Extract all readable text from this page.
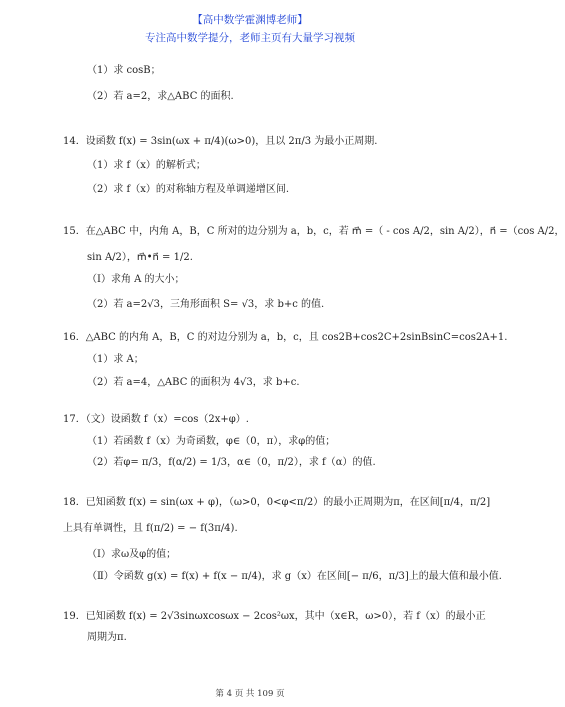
【高中数学霍渊博老师】
专注高中数学提分，老师主页有大量学习视频
（1）求 cosB；
（2）若 a=2，求△ABC 的面积.
14．设函数 f(x) = 3sin(ωx + π/4)(ω>0)，且以 2π/3 为最小正周期.
（1）求 f（x）的解析式；
（2）求 f（x）的对称轴方程及单调递增区间.
15．在△ABC 中，内角 A，B，C 所对的边分别为 a，b，c，若 m⃗ =（ - cos A/2，sin A/2），n⃗ =（cos A/2，
sin A/2），m⃗•n⃗ = 1/2.
（I）求角 A 的大小；
（2）若 a=2√3，三角形面积 S= √3，求 b+c 的值.
16．△ABC 的内角 A，B，C 的对边分别为 a，b，c，且 cos2B+cos2C+2sinBsinC=cos2A+1.
（1）求 A；
（2）若 a=4，△ABC 的面积为 4√3，求 b+c.
17．（文）设函数 f（x）=cos（2x+φ）.
（1）若函数 f（x）为奇函数，φ∈（0，π），求φ的值；
（2）若φ= π/3，f(α/2) = 1/3，α∈（0，π/2），求 f（α）的值.
18．已知函数 f(x) = sin(ωx + φ)，（ω>0，0<φ<π/2）的最小正周期为π，在区间[π/4，π/2]
上具有单调性，且 f(π/2) = − f(3π/4).
（Ⅰ）求ω及φ的值；
（Ⅱ）令函数 g(x) = f(x) + f(x − π/4)，求 g（x）在区间[− π/6，π/3]上的最大值和最小值.
19．已知函数 f(x) = 2√3sinωxcosωx − 2cos²ωx，其中（x∈R，ω>0），若 f（x）的最小正
周期为π.
第 4 页 共 109 页
